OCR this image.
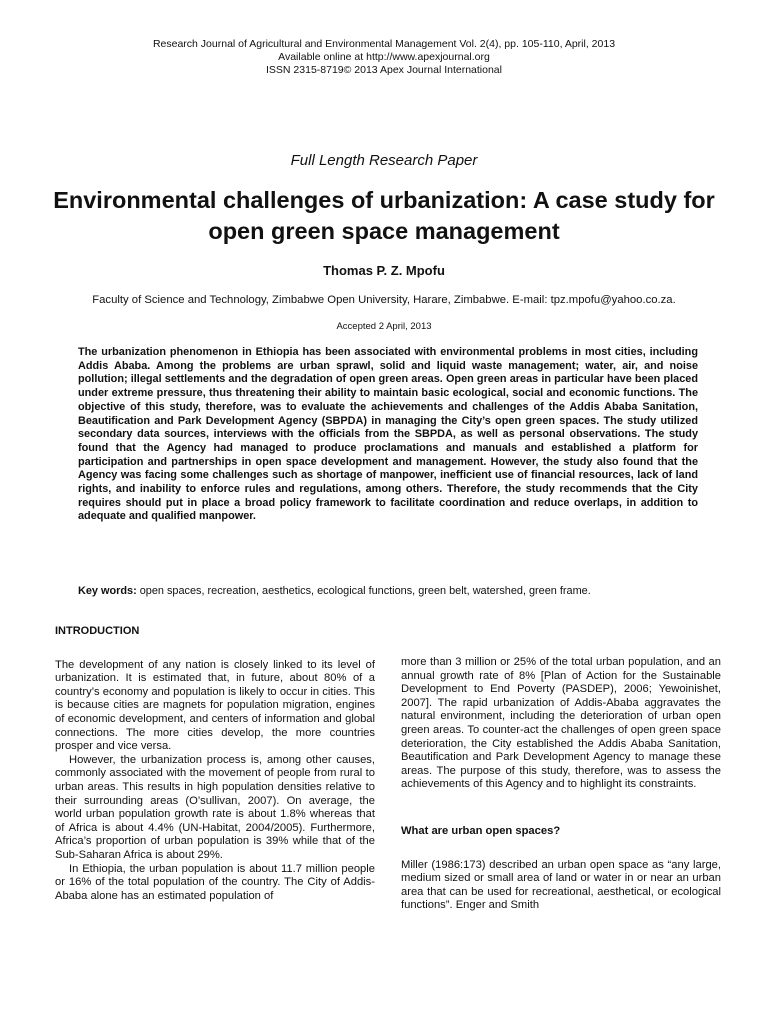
Research Journal of Agricultural and Environmental Management Vol. 2(4), pp. 105-110, April, 2013
Available online at http://www.apexjournal.org
ISSN 2315-8719© 2013 Apex Journal International
Full Length Research Paper
Environmental challenges of urbanization: A case study for open green space management
Thomas P. Z. Mpofu
Faculty of Science and Technology, Zimbabwe Open University, Harare, Zimbabwe. E-mail: tpz.mpofu@yahoo.co.za.
Accepted 2 April, 2013

The urbanization phenomenon in Ethiopia has been associated with environmental problems in most cities, including Addis Ababa. Among the problems are urban sprawl, solid and liquid waste management; water, air, and noise pollution; illegal settlements and the degradation of open green areas. Open green areas in particular have been placed under extreme pressure, thus threatening their ability to maintain basic ecological, social and economic functions. The objective of this study, therefore, was to evaluate the achievements and challenges of the Addis Ababa Sanitation, Beautification and Park Development Agency (SBPDA) in managing the City’s open green spaces. The study utilized secondary data sources, interviews with the officials from the SBPDA, as well as personal observations. The study found that the Agency had managed to produce proclamations and manuals and established a platform for participation and partnerships in open space development and management. However, the study also found that the Agency was facing some challenges such as shortage of manpower, inefficient use of financial resources, lack of land rights, and inability to enforce rules and regulations, among others. Therefore, the study recommends that the City requires should put in place a broad policy framework to facilitate coordination and reduce overlaps, in addition to adequate and qualified manpower.

Key words: open spaces, recreation, aesthetics, ecological functions, green belt, watershed, green frame.

INTRODUCTION

The development of any nation is closely linked to its level of urbanization. It is estimated that, in future, about 80% of a country’s economy and population is likely to occur in cities. This is because cities are magnets for population migration, engines of economic development, and centers of information and global connections. The more cities develop, the more countries prosper and vice versa.

However, the urbanization process is, among other causes, commonly associated with the movement of people from rural to urban areas. This results in high population densities relative to their surrounding areas (O’sullivan, 2007). On average, the world urban population growth rate is about 1.8% whereas that of Africa is about 4.4% (UN-Habitat, 2004/2005). Furthermore, Africa’s proportion of urban population is 39% while that of the Sub-Saharan Africa is about 29%.

In Ethiopia, the urban population is about 11.7 million people or 16% of the total population of the country. The City of Addis-Ababa alone has an estimated population of

more than 3 million or 25% of the total urban population, and an annual growth rate of 8% [Plan of Action for the Sustainable Development to End Poverty (PASDEP), 2006; Yewoinishet, 2007]. The rapid urbanization of Addis-Ababa aggravates the natural environment, including the deterioration of urban open green areas. To counter-act the challenges of open green space deterioration, the City established the Addis Ababa Sanitation, Beautification and Park Development Agency to manage these areas. The purpose of this study, therefore, was to assess the achievements of this Agency and to highlight its constraints.

What are urban open spaces?

Miller (1986:173) described an urban open space as “any large, medium sized or small area of land or water in or near an urban area that can be used for recreational, aesthetical, or ecological functions”. Enger and Smith
